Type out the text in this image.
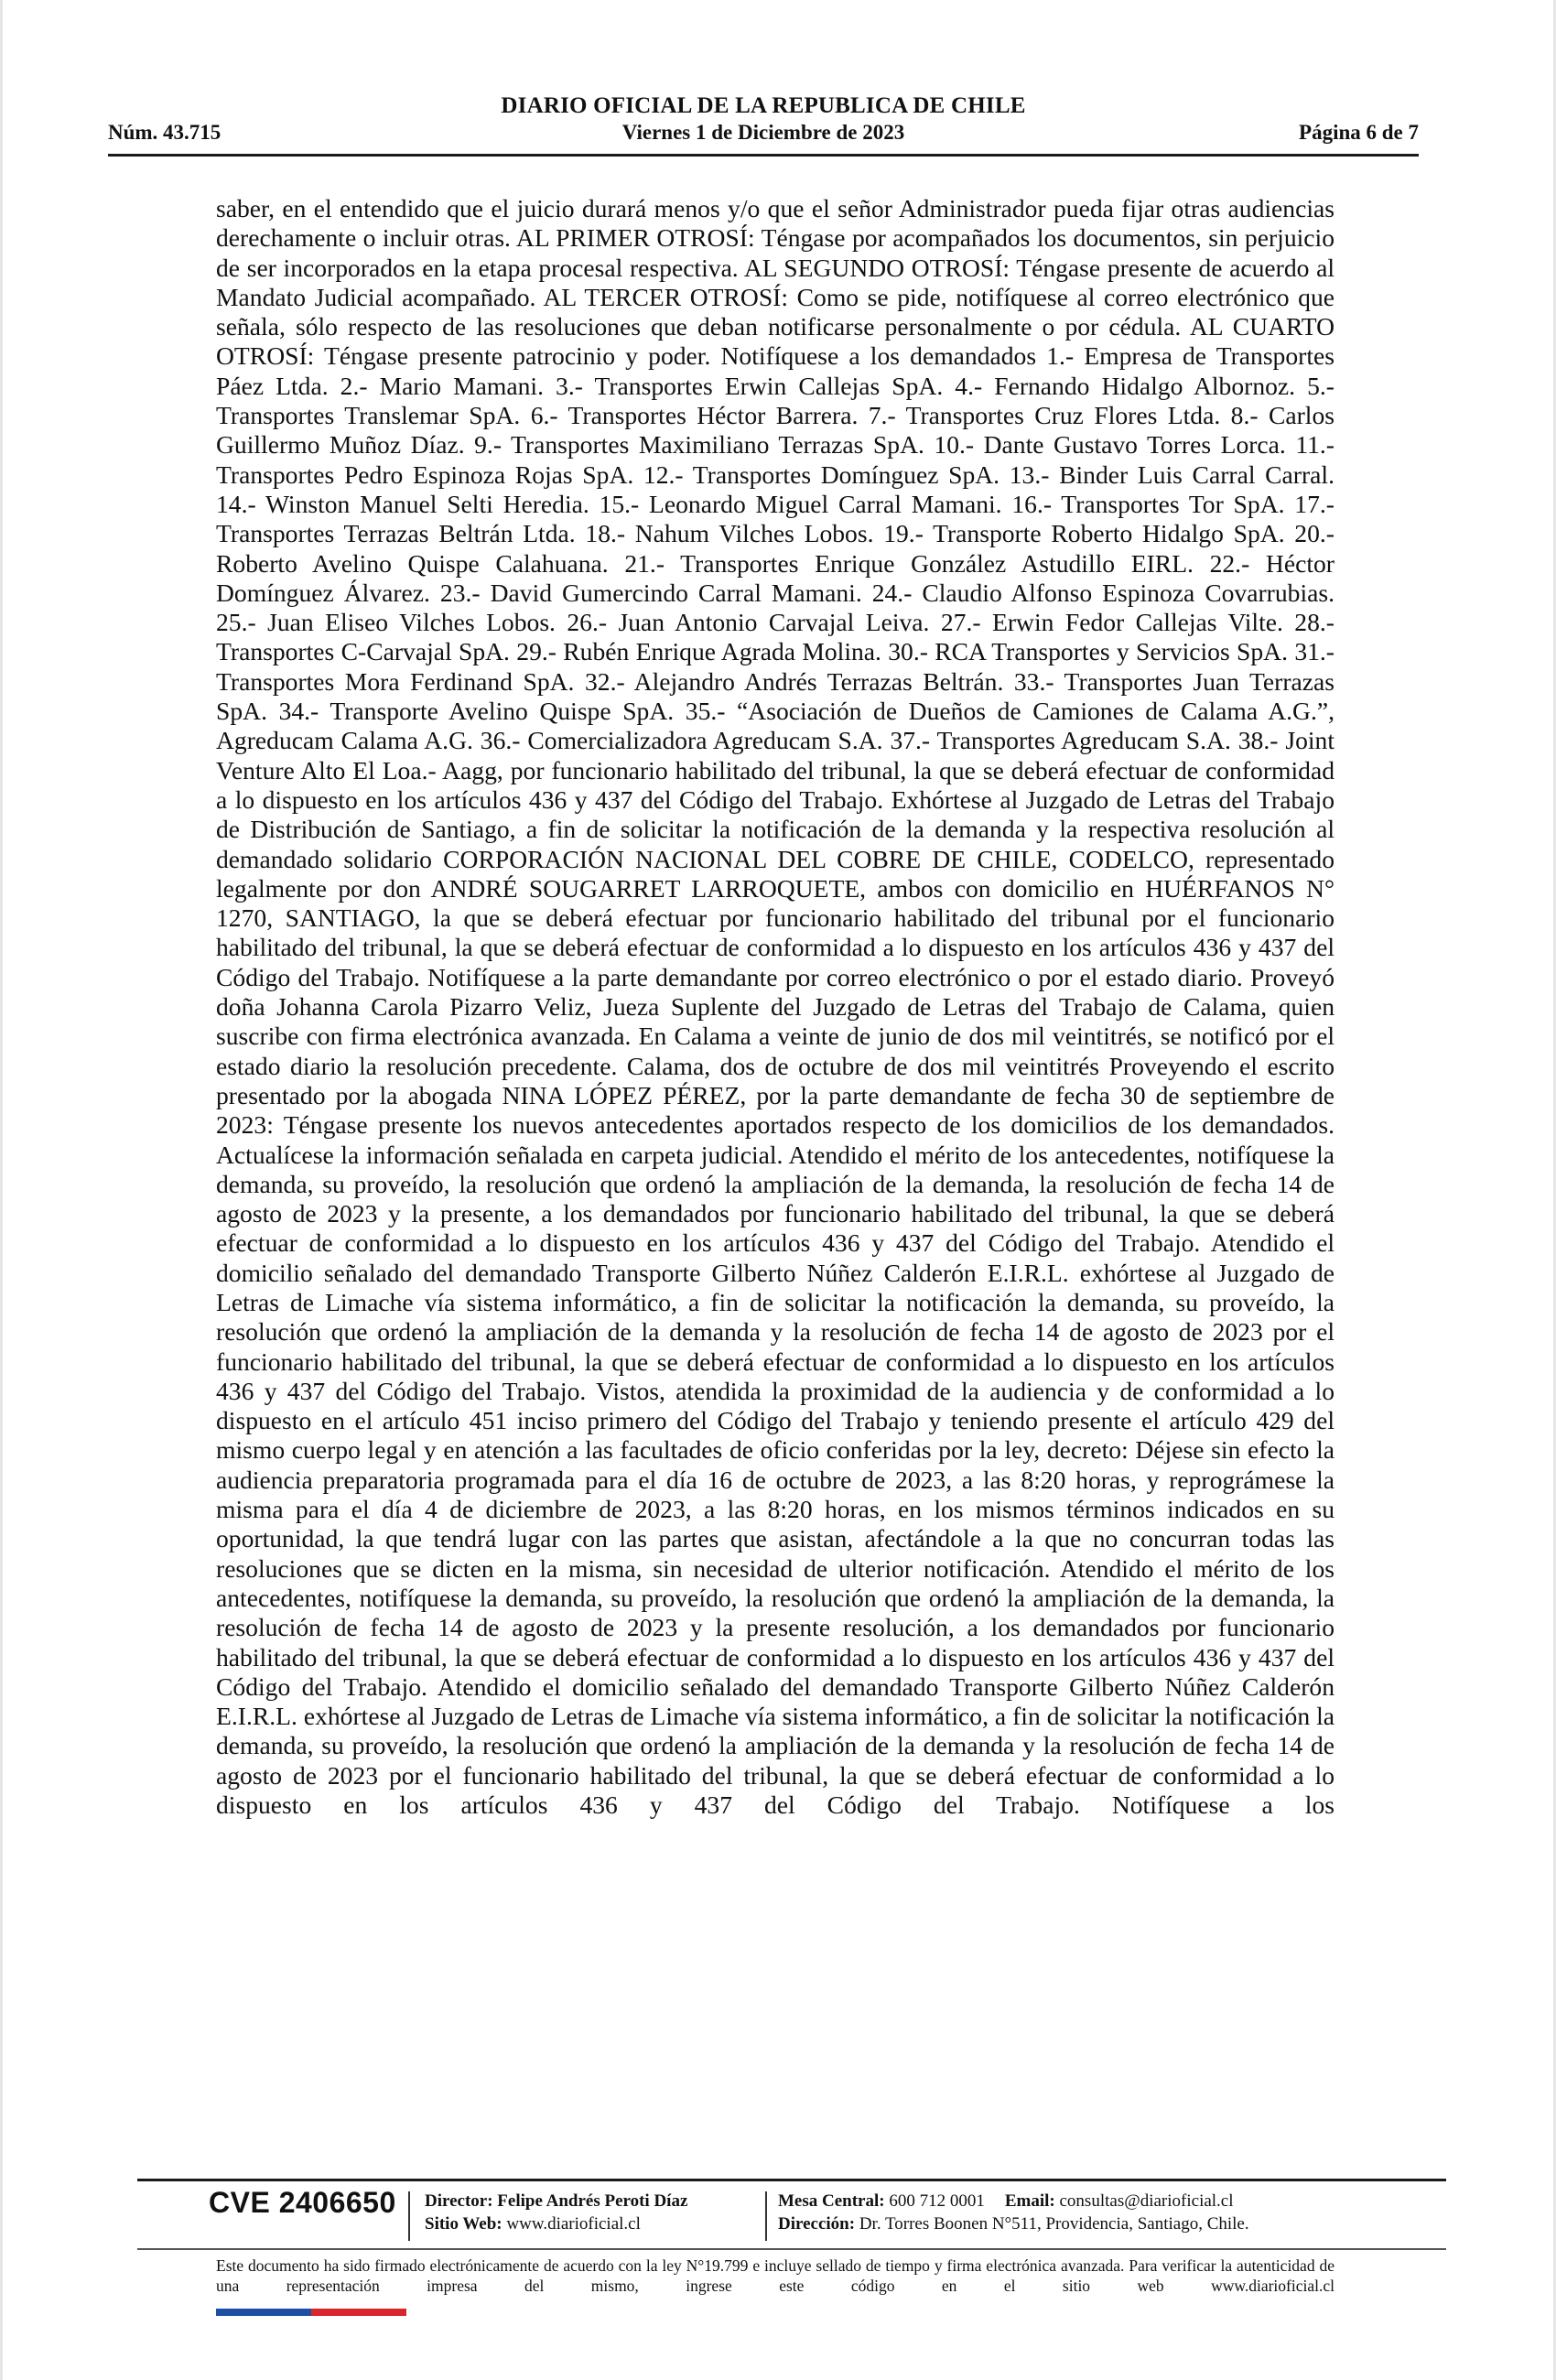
DIARIO OFICIAL DE LA REPUBLICA DE CHILE
Núm. 43.715	Viernes 1 de Diciembre de 2023	Página 6 de 7
saber, en el entendido que el juicio durará menos y/o que el señor Administrador pueda fijar otras audiencias derechamente o incluir otras. AL PRIMER OTROSÍ: Téngase por acompañados los documentos, sin perjuicio de ser incorporados en la etapa procesal respectiva. AL SEGUNDO OTROSÍ: Téngase presente de acuerdo al Mandato Judicial acompañado. AL TERCER OTROSÍ: Como se pide, notifíquese al correo electrónico que señala, sólo respecto de las resoluciones que deban notificarse personalmente o por cédula. AL CUARTO OTROSÍ: Téngase presente patrocinio y poder. Notifíquese a los demandados 1.- Empresa de Transportes Páez Ltda. 2.- Mario Mamani. 3.- Transportes Erwin Callejas SpA. 4.- Fernando Hidalgo Albornoz. 5.- Transportes Translemar SpA. 6.- Transportes Héctor Barrera. 7.- Transportes Cruz Flores Ltda. 8.- Carlos Guillermo Muñoz Díaz. 9.- Transportes Maximiliano Terrazas SpA. 10.- Dante Gustavo Torres Lorca. 11.- Transportes Pedro Espinoza Rojas SpA. 12.- Transportes Domínguez SpA. 13.- Binder Luis Carral Carral. 14.- Winston Manuel Selti Heredia. 15.- Leonardo Miguel Carral Mamani. 16.- Transportes Tor SpA. 17.- Transportes Terrazas Beltrán Ltda. 18.- Nahum Vilches Lobos. 19.- Transporte Roberto Hidalgo SpA. 20.- Roberto Avelino Quispe Calahuana. 21.- Transportes Enrique González Astudillo EIRL. 22.- Héctor Domínguez Álvarez. 23.- David Gumercindo Carral Mamani. 24.- Claudio Alfonso Espinoza Covarrubias. 25.- Juan Eliseo Vilches Lobos. 26.- Juan Antonio Carvajal Leiva. 27.- Erwin Fedor Callejas Vilte. 28.- Transportes C-Carvajal SpA. 29.- Rubén Enrique Agrada Molina. 30.- RCA Transportes y Servicios SpA. 31.- Transportes Mora Ferdinand SpA. 32.- Alejandro Andrés Terrazas Beltrán. 33.- Transportes Juan Terrazas SpA. 34.- Transporte Avelino Quispe SpA. 35.- “Asociación de Dueños de Camiones de Calama A.G.”, Agreducam Calama A.G. 36.- Comercializadora Agreducam S.A. 37.- Transportes Agreducam S.A. 38.- Joint Venture Alto El Loa.- Aagg, por funcionario habilitado del tribunal, la que se deberá efectuar de conformidad a lo dispuesto en los artículos 436 y 437 del Código del Trabajo. Exhórtese al Juzgado de Letras del Trabajo de Distribución de Santiago, a fin de solicitar la notificación de la demanda y la respectiva resolución al demandado solidario CORPORACIÓN NACIONAL DEL COBRE DE CHILE, CODELCO, representado legalmente por don ANDRÉ SOUGARRET LARROQUETE, ambos con domicilio en HUÉRFANOS N° 1270, SANTIAGO, la que se deberá efectuar por funcionario habilitado del tribunal por el funcionario habilitado del tribunal, la que se deberá efectuar de conformidad a lo dispuesto en los artículos 436 y 437 del Código del Trabajo. Notifíquese a la parte demandante por correo electrónico o por el estado diario. Proveyó doña Johanna Carola Pizarro Veliz, Jueza Suplente del Juzgado de Letras del Trabajo de Calama, quien suscribe con firma electrónica avanzada. En Calama a veinte de junio de dos mil veintitrés, se notificó por el estado diario la resolución precedente. Calama, dos de octubre de dos mil veintitrés Proveyendo el escrito presentado por la abogada NINA LÓPEZ PÉREZ, por la parte demandante de fecha 30 de septiembre de 2023: Téngase presente los nuevos antecedentes aportados respecto de los domicilios de los demandados. Actualícese la información señalada en carpeta judicial. Atendido el mérito de los antecedentes, notifíquese la demanda, su proveído, la resolución que ordenó la ampliación de la demanda, la resolución de fecha 14 de agosto de 2023 y la presente, a los demandados por funcionario habilitado del tribunal, la que se deberá efectuar de conformidad a lo dispuesto en los artículos 436 y 437 del Código del Trabajo. Atendido el domicilio señalado del demandado Transporte Gilberto Núñez Calderón E.I.R.L. exhórtese al Juzgado de Letras de Limache vía sistema informático, a fin de solicitar la notificación la demanda, su proveído, la resolución que ordenó la ampliación de la demanda y la resolución de fecha 14 de agosto de 2023 por el funcionario habilitado del tribunal, la que se deberá efectuar de conformidad a lo dispuesto en los artículos 436 y 437 del Código del Trabajo. Vistos, atendida la proximidad de la audiencia y de conformidad a lo dispuesto en el artículo 451 inciso primero del Código del Trabajo y teniendo presente el artículo 429 del mismo cuerpo legal y en atención a las facultades de oficio conferidas por la ley, decreto: Déjese sin efecto la audiencia preparatoria programada para el día 16 de octubre de 2023, a las 8:20 horas, y reprográmese la misma para el día 4 de diciembre de 2023, a las 8:20 horas, en los mismos términos indicados en su oportunidad, la que tendrá lugar con las partes que asistan, afectándole a la que no concurran todas las resoluciones que se dicten en la misma, sin necesidad de ulterior notificación. Atendido el mérito de los antecedentes, notifíquese la demanda, su proveído, la resolución que ordenó la ampliación de la demanda, la resolución de fecha 14 de agosto de 2023 y la presente resolución, a los demandados por funcionario habilitado del tribunal, la que se deberá efectuar de conformidad a lo dispuesto en los artículos 436 y 437 del Código del Trabajo. Atendido el domicilio señalado del demandado Transporte Gilberto Núñez Calderón E.I.R.L. exhórtese al Juzgado de Letras de Limache vía sistema informático, a fin de solicitar la notificación la demanda, su proveído, la resolución que ordenó la ampliación de la demanda y la resolución de fecha 14 de agosto de 2023 por el funcionario habilitado del tribunal, la que se deberá efectuar de conformidad a lo dispuesto en los artículos 436 y 437 del Código del Trabajo. Notifíquese a los
CVE 2406650 Director: Felipe Andrés Peroti Díaz
Sitio Web: www.diarioficial.cl
Mesa Central: 600 712 0001 Email: consultas@diarioficial.cl
Dirección: Dr. Torres Boonen N°511, Providencia, Santiago, Chile.
Este documento ha sido firmado electrónicamente de acuerdo con la ley N°19.799 e incluye sellado de tiempo y firma electrónica avanzada. Para verificar la autenticidad de una representación impresa del mismo, ingrese este código en el sitio web www.diarioficial.cl
